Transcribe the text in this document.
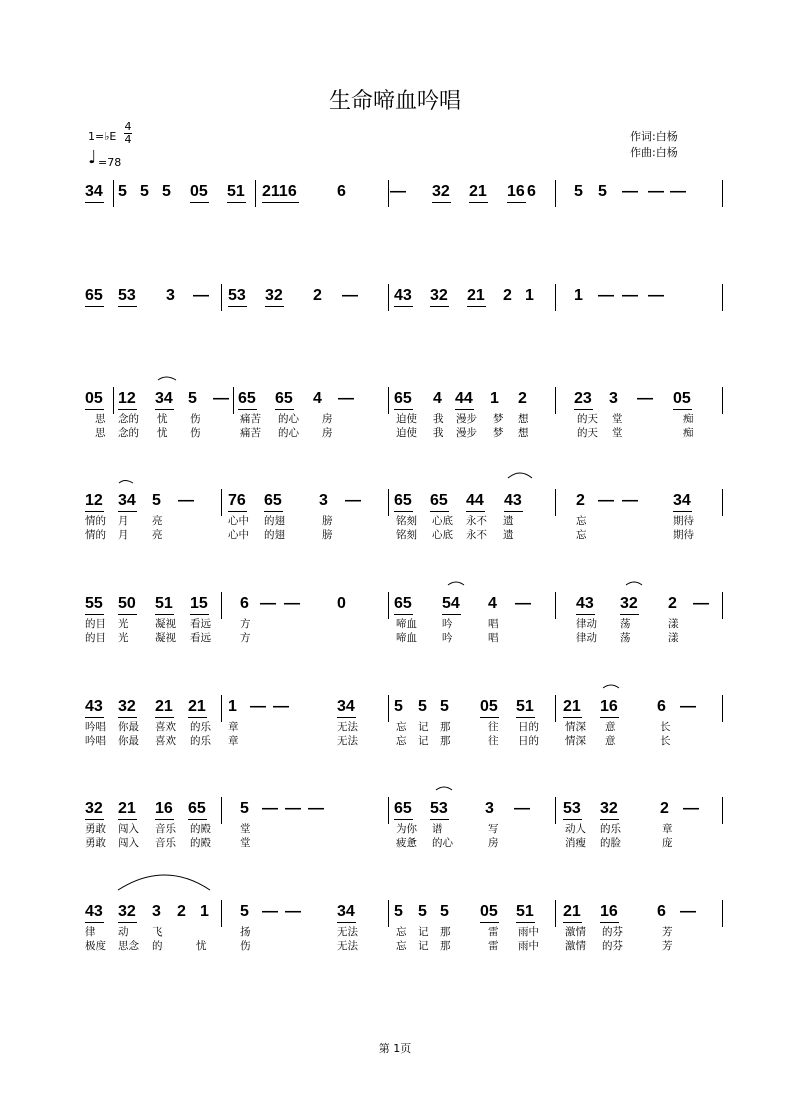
生命啼血吟唱
1=♭E
4
4
♩ =78
作词:白杨
作曲:白杨
34 5 5 5 05 51 2116	6	— 32 21 16 6 5 5 — — —
65 53 3 — 53 32 2 — 43 32 21 2 1	1 — — —
05 12 34 5 — 65 65 4 —	65 4 44 1 2	23 3 — 05
思 念的 忧 伤	痛苦 的心 房	迫使 我 漫步 梦 想	的天 堂	痴
思 念的 忧 伤	痛苦 的心 房	迫使 我 漫步 梦 想	的天 堂	痴
12 34 5 — 76 65 3 — 65 65 44 43	2 — — 34
情的 月 亮	心中 的翅	膀	铭刻 心底 永不 遗	忘	期待
情的 月 亮	心中 的翅	膀	铭刻 心底 永不 遗	忘	期待
55 50 51 15 6 — — 0	65 54 4 —	43 32 2 —
的目 光	凝视 看远	方	啼血 吟	唱	律动 荡	漾
的目 光	凝视 看远	方	啼血 吟	唱	律动 荡	漾
43 32 21 21 1 — —	34 5 5 5 05 51 21 16 6 —
吟唱 你最 喜欢 的乐 章	无法	忘 记 那	往 日的 情深 意	长
吟唱 你最 喜欢 的乐 章	无法	忘 记 那	往 日的 情深 意	长
32 21 16 65 5 — — —	65 53 3 — 53 32	2 —
勇敢 闯入 音乐 的殿	堂	为你 谱	写	动人 的乐	章
勇敢 闯入 音乐 的殿	堂	疲惫 的心	房	消瘦 的脸	庞
43 32 3 2 1 5 — — 34 5 5 5 05 51 21 16 6 —
律 动 飞	扬	无法	忘 记 那	雷 雨中 激情 的芬	芳
极度 思念 的	忧	伤	无法	忘 记 那	雷 雨中 激情 的芬	芳
第 1页
